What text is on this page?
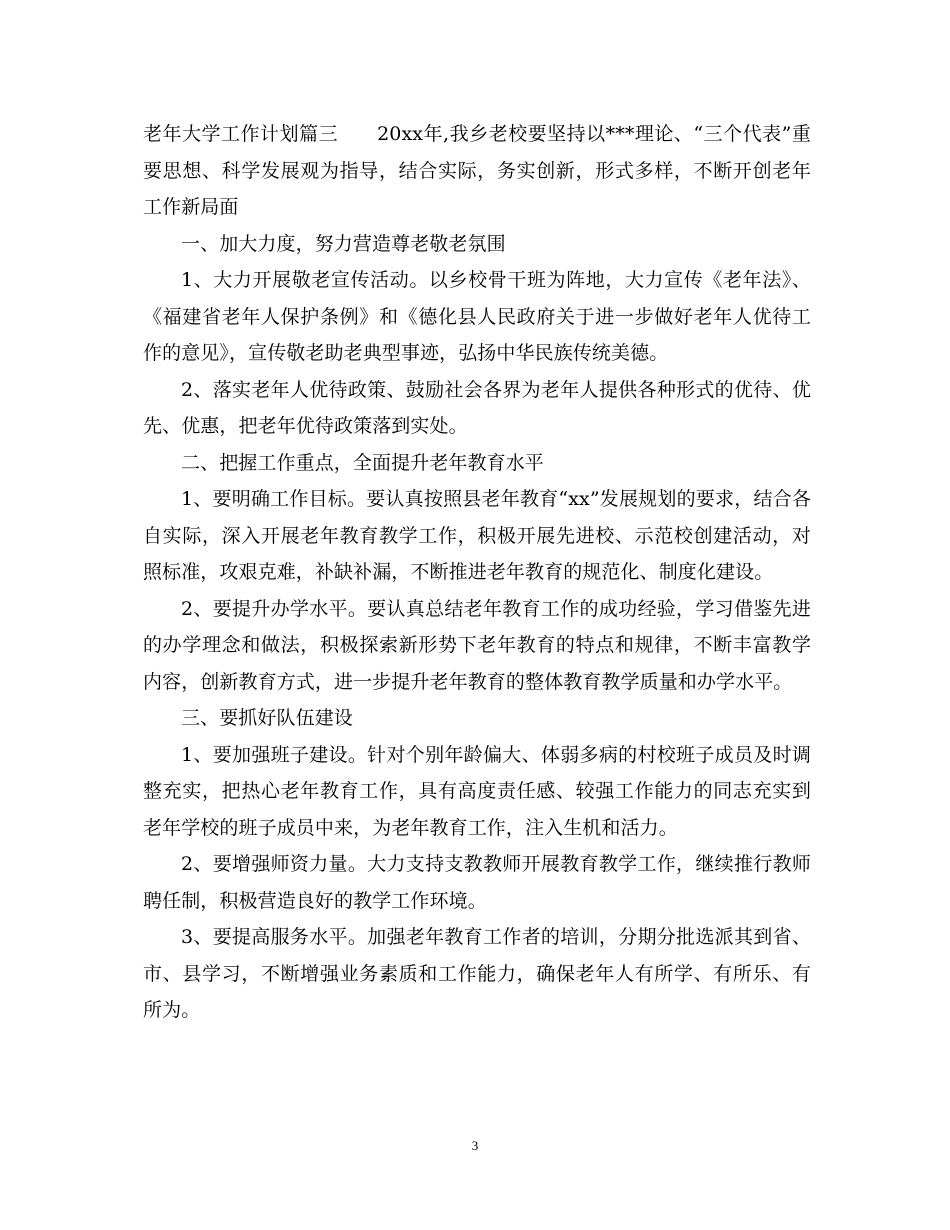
老年大学工作计划篇三　　20xx年,我乡老校要坚持以***理论、“三个代表”重要思想、科学发展观为指导，结合实际，务实创新，形式多样，不断开创老年工作新局面

一、加大力度，努力营造尊老敬老氛围

1、大力开展敬老宣传活动。以乡校骨干班为阵地，大力宣传《老年法》、《福建省老年人保护条例》和《德化县人民政府关于进一步做好老年人优待工作的意见》，宣传敬老助老典型事迹，弘扬中华民族传统美德。

2、落实老年人优待政策、鼓励社会各界为老年人提供各种形式的优待、优先、优惠，把老年优待政策落到实处。

二、把握工作重点，全面提升老年教育水平

1、要明确工作目标。要认真按照县老年教育“xx”发展规划的要求，结合各自实际，深入开展老年教育教学工作，积极开展先进校、示范校创建活动，对照标准，攻艰克难，补缺补漏，不断推进老年教育的规范化、制度化建设。

2、要提升办学水平。要认真总结老年教育工作的成功经验，学习借鉴先进的办学理念和做法，积极探索新形势下老年教育的特点和规律，不断丰富教学内容，创新教育方式，进一步提升老年教育的整体教育教学质量和办学水平。

三、要抓好队伍建设

1、要加强班子建设。针对个别年龄偏大、体弱多病的村校班子成员及时调整充实，把热心老年教育工作，具有高度责任感、较强工作能力的同志充实到老年学校的班子成员中来，为老年教育工作，注入生机和活力。

2、要增强师资力量。大力支持支教教师开展教育教学工作，继续推行教师聘任制，积极营造良好的教学工作环境。

3、要提高服务水平。加强老年教育工作者的培训，分期分批选派其到省、市、县学习，不断增强业务素质和工作能力，确保老年人有所学、有所乐、有所为。

3
